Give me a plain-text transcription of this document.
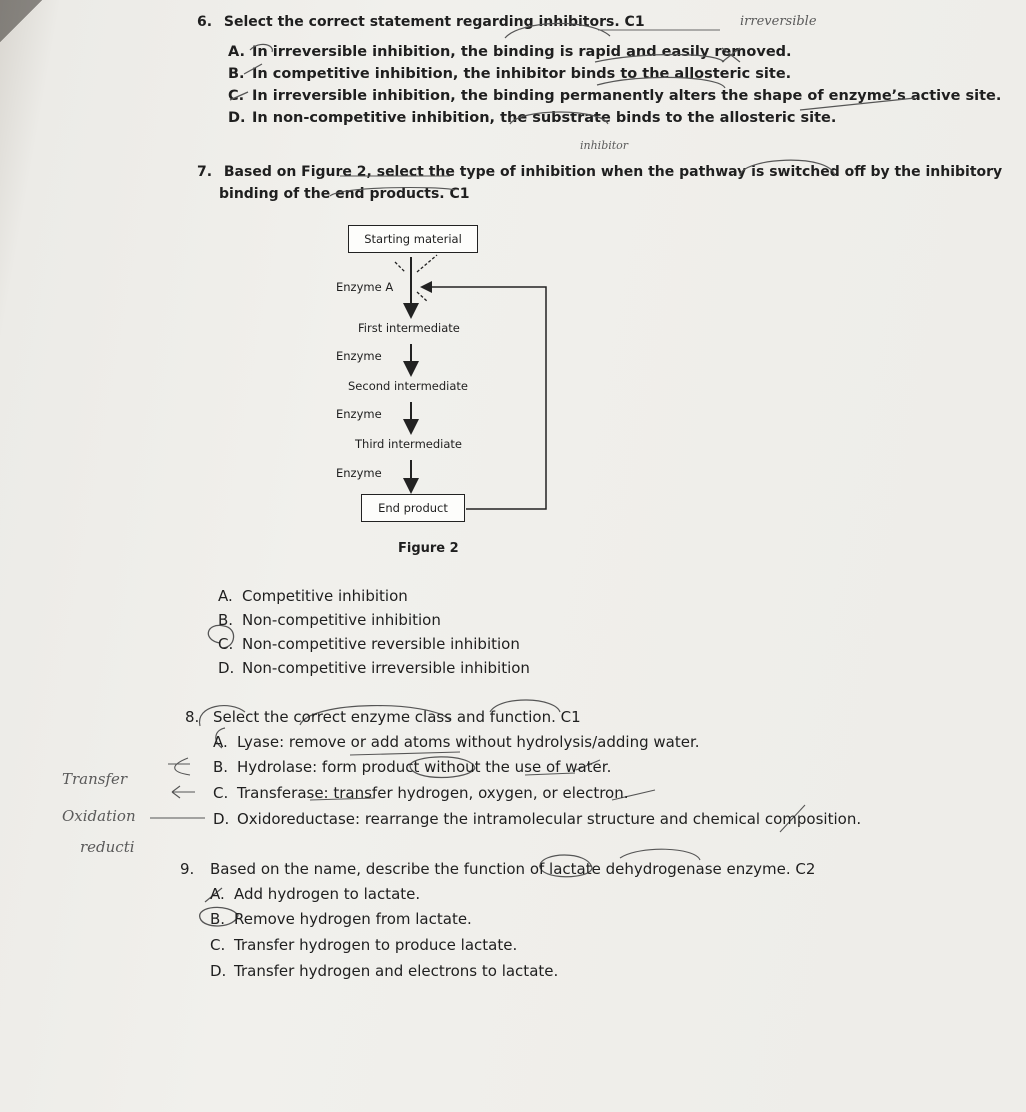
irreversible
inhibitor
Transfer
Oxidation
reducti
6. Select the correct statement regarding inhibitors. C1
A. In irreversible inhibition, the binding is rapid and easily removed.
B. In competitive inhibition, the inhibitor binds to the allosteric site.
C. In irreversible inhibition, the binding permanently alters the shape of enzyme’s active site.
D. In non-competitive inhibition, the substrate binds to the allosteric site.
7. Based on Figure 2, select the type of inhibition when the pathway is switched off by the inhibitory
binding of the end products. C1
Starting material
Enzyme A
First intermediate
Enzyme
Second intermediate
Enzyme
Third intermediate
Enzyme
End product
Figure 2
A. Competitive inhibition
B. Non-competitive inhibition
C. Non-competitive reversible inhibition
D. Non-competitive irreversible inhibition
8. Select the correct enzyme class and function. C1
A. Lyase: remove or add atoms without hydrolysis/adding water.
B. Hydrolase: form product without the use of water.
C. Transferase: transfer hydrogen, oxygen, or electron.
D. Oxidoreductase: rearrange the intramolecular structure and chemical composition.
9. Based on the name, describe the function of lactate dehydrogenase enzyme. C2
A. Add hydrogen to lactate.
B. Remove hydrogen from lactate.
C. Transfer hydrogen to produce lactate.
D. Transfer hydrogen and electrons to lactate.
